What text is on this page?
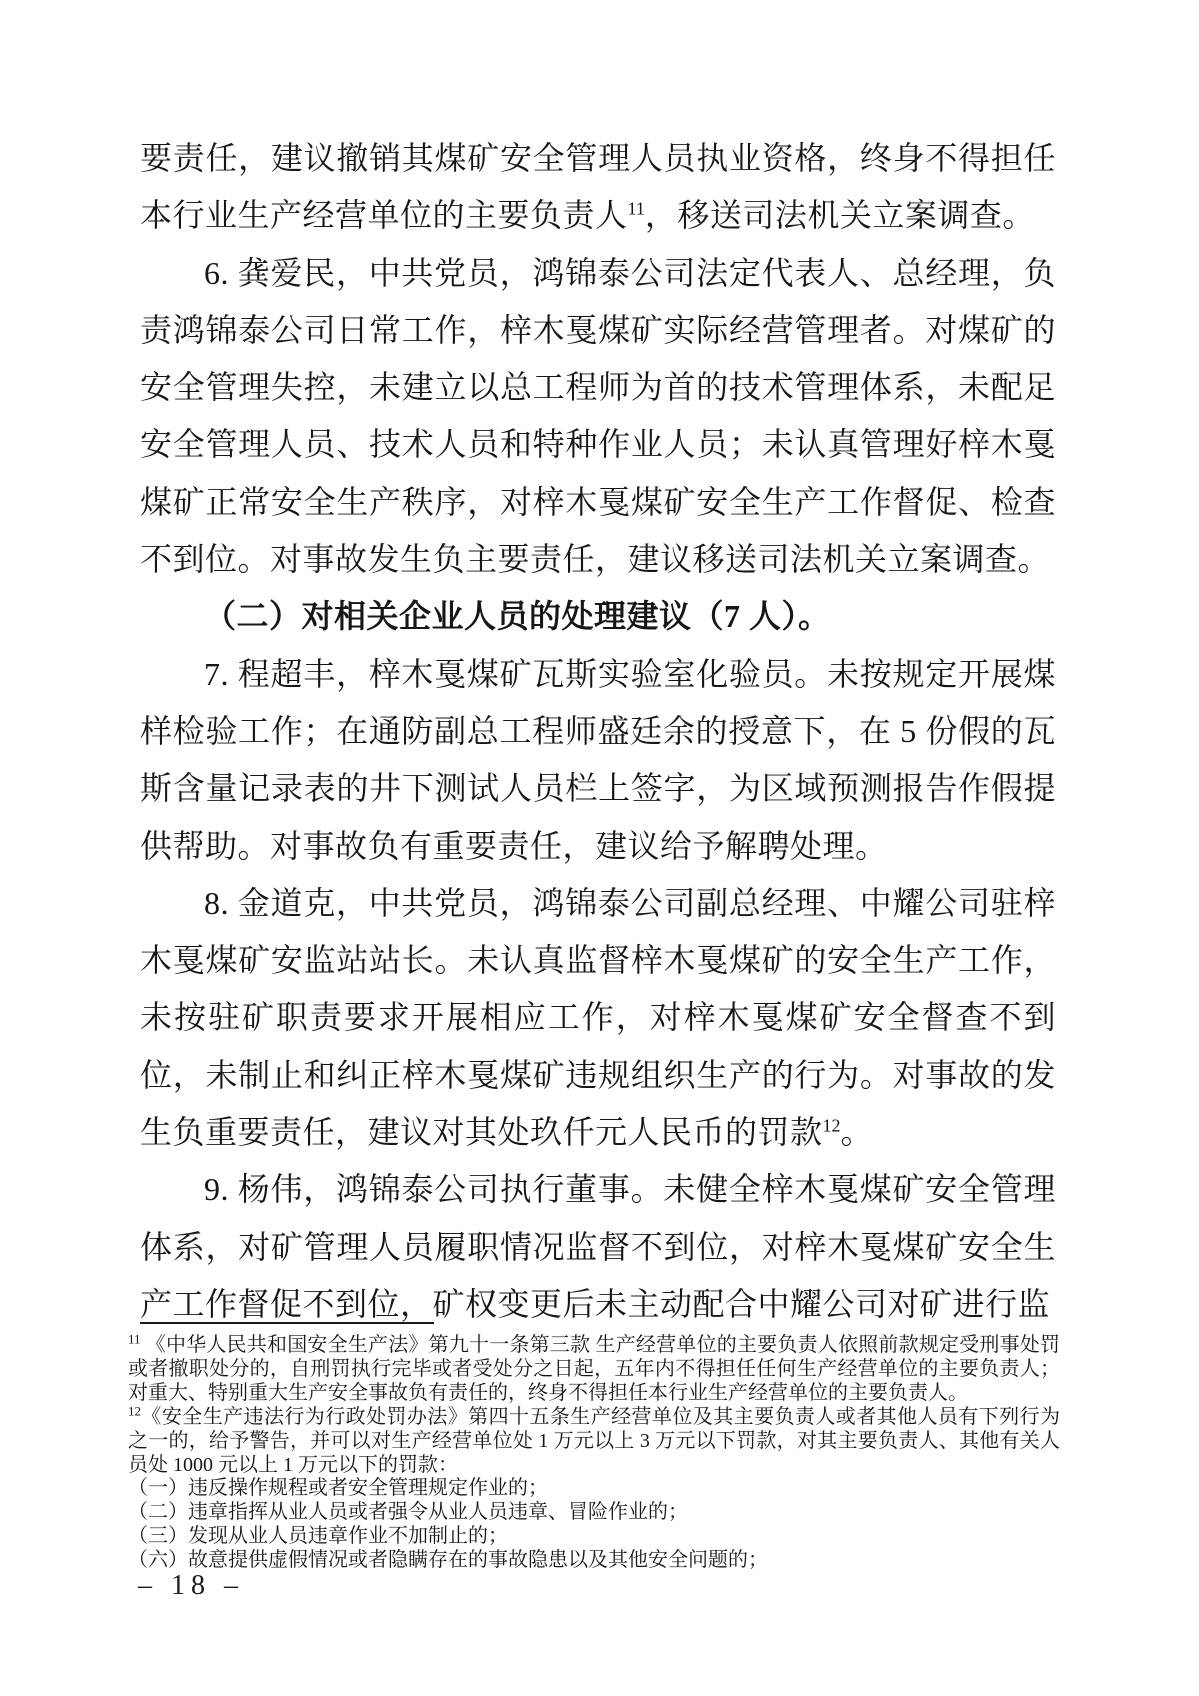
要责任，建议撤销其煤矿安全管理人员执业资格，终身不得担任本行业生产经营单位的主要负责人$^{11}$，移送司法机关立案调查。

6. 龚爱民，中共党员，鸿锦泰公司法定代表人、总经理，负责鸿锦泰公司日常工作，梓木戛煤矿实际经营管理者。对煤矿的安全管理失控，未建立以总工程师为首的技术管理体系，未配足安全管理人员、技术人员和特种作业人员；未认真管理好梓木戛煤矿正常安全生产秩序，对梓木戛煤矿安全生产工作督促、检查不到位。对事故发生负主要责任，建议移送司法机关立案调查。

（二）对相关企业人员的处理建议（7 人）。

7. 程超丰，梓木戛煤矿瓦斯实验室化验员。未按规定开展煤样检验工作；在通防副总工程师盛廷余的授意下，在 5 份假的瓦斯含量记录表的井下测试人员栏上签字，为区域预测报告作假提供帮助。对事故负有重要责任，建议给予解聘处理。

8. 金道克，中共党员，鸿锦泰公司副总经理、中耀公司驻梓木戛煤矿安监站站长。未认真监督梓木戛煤矿的安全生产工作，未按驻矿职责要求开展相应工作，对梓木戛煤矿安全督查不到位，未制止和纠正梓木戛煤矿违规组织生产的行为。对事故的发生负重要责任，建议对其处玖仟元人民币的罚款$^{12}$。

9. 杨伟，鸿锦泰公司执行董事。未健全梓木戛煤矿安全管理体系，对矿管理人员履职情况监督不到位，对梓木戛煤矿安全生产工作督促不到位，矿权变更后未主动配合中耀公司对矿进行监

$^{11}$ 《中华人民共和国安全生产法》第九十一条第三款 生产经营单位的主要负责人依照前款规定受刑事处罚或者撤职处分的，自刑罚执行完毕或者受处分之日起，五年内不得担任任何生产经营单位的主要负责人；对重大、特别重大生产安全事故负有责任的，终身不得担任本行业生产经营单位的主要负责人。

$^{12}$《安全生产违法行为行政处罚办法》第四十五条生产经营单位及其主要负责人或者其他人员有下列行为之一的，给予警告，并可以对生产经营单位处 1 万元以上 3 万元以下罚款，对其主要负责人、其他有关人员处 1000 元以上 1 万元以下的罚款：

（一）违反操作规程或者安全管理规定作业的；

（二）违章指挥从业人员或者强令从业人员违章、冒险作业的；

（三）发现从业人员违章作业不加制止的；

（六）故意提供虚假情况或者隐瞒存在的事故隐患以及其他安全问题的；

– 18 –
